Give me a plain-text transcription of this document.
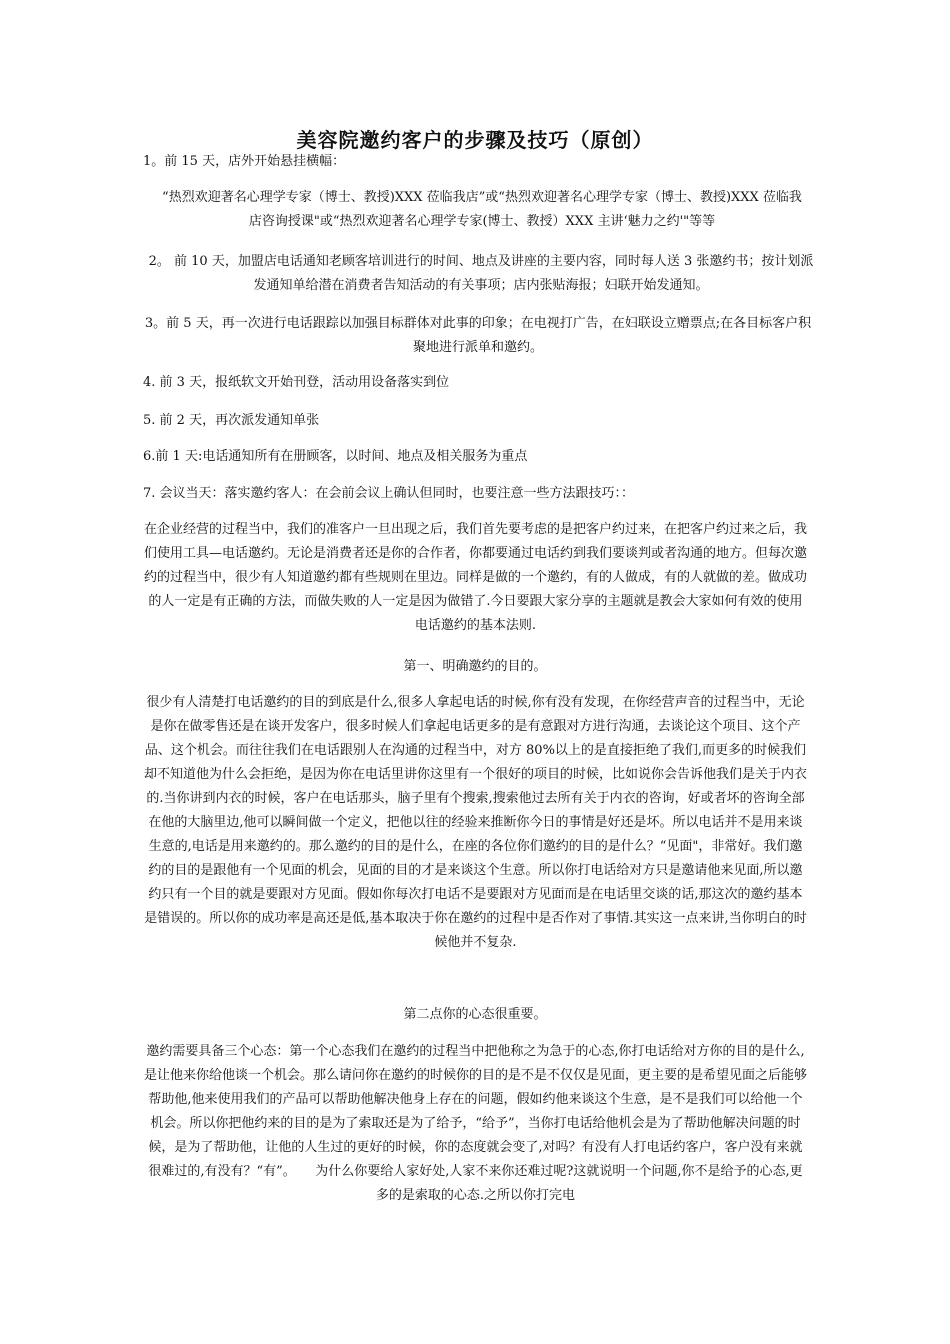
美容院邀约客户的步骤及技巧（原创）

1。前 15 天，店外开始悬挂横幅：

“热烈欢迎著名心理学专家（博士、教授)XXX 莅临我店”或“热烈欢迎著名心理学专家（博士、教授)XXX 莅临我店咨询授课"或“热烈欢迎著名心理学专家(博士、教授）XXX 主讲‘魅力之约'"等等

2。 前 10 天，加盟店电话通知老顾客培训进行的时间、地点及讲座的主要内容，同时每人送 3 张邀约书；按计划派发通知单给潜在消费者告知活动的有关事项；店内张贴海报；妇联开始发通知。

3。前 5 天，再一次进行电话跟踪以加强目标群体对此事的印象；在电视打广告，在妇联设立赠票点;在各目标客户积聚地进行派单和邀约。

4. 前 3 天，报纸软文开始刊登，活动用设备落实到位

5. 前 2 天，再次派发通知单张

6.前 1 天:电话通知所有在册顾客，以时间、地点及相关服务为重点

7. 会议当天：落实邀约客人：在会前会议上确认但同时，也要注意一些方法跟技巧：：

在企业经营的过程当中，我们的准客户一旦出现之后，我们首先要考虑的是把客户约过来，在把客户约过来之后，我们使用工具—电话邀约。无论是消费者还是你的合作者，你都要通过电话约到我们要谈判或者沟通的地方。但每次邀约的过程当中，很少有人知道邀约都有些规则在里边。同样是做的一个邀约，有的人做成，有的人就做的差。做成功的人一定是有正确的方法，而做失败的人一定是因为做错了.今日要跟大家分享的主题就是教会大家如何有效的使用电话邀约的基本法则.

第一、明确邀约的目的。

很少有人清楚打电话邀约的目的到底是什么,很多人拿起电话的时候,你有没有发现，在你经营声音的过程当中，无论是你在做零售还是在谈开发客户，很多时候人们拿起电话更多的是有意跟对方进行沟通，去谈论这个项目、这个产品、这个机会。而往往我们在电话跟别人在沟通的过程当中，对方 80%以上的是直接拒绝了我们,而更多的时候我们却不知道他为什么会拒绝，是因为你在电话里讲你这里有一个很好的项目的时候，比如说你会告诉他我们是关于内衣的.当你讲到内衣的时候，客户在电话那头，脑子里有个搜索,搜索他过去所有关于内衣的咨询，好或者坏的咨询全部在他的大脑里边,他可以瞬间做一个定义，把他以往的经验来推断你今日的事情是好还是坏。所以电话并不是用来谈生意的,电话是用来邀约的。那么邀约的目的是什么，在座的各位你们邀约的目的是什么？“见面"，非常好。我们邀约的目的是跟他有一个见面的机会，见面的目的才是来谈这个生意。所以你打电话给对方只是邀请他来见面,所以邀约只有一个目的就是要跟对方见面。假如你每次打电话不是要跟对方见面而是在电话里交谈的话,那这次的邀约基本是错误的。所以你的成功率是高还是低,基本取决于你在邀约的过程中是否作对了事情.其实这一点来讲,当你明白的时候他并不复杂.

第二点你的心态很重要。

邀约需要具备三个心态：第一个心态我们在邀约的过程当中把他称之为急于的心态,你打电话给对方你的目的是什么,是让他来你给他谈一个机会。那么请问你在邀约的时候你的目的是不是不仅仅是见面，更主要的是希望见面之后能够帮助他,他来使用我们的产品可以帮助他解决他身上存在的问题，假如约他来谈这个生意，是不是我们可以给他一个机会。所以你把他约来的目的是为了索取还是为了给予，“给予”，当你打电话给他机会是为了帮助他解决问题的时候，是为了帮助他，让他的人生过的更好的时候，你的态度就会变了,对吗？有没有人打电话约客户，客户没有来就很难过的,有没有？“有”。　　为什么你要给人家好处,人家不来你还难过呢?这就说明一个问题,你不是给予的心态,更多的是索取的心态.之所以你打完电
